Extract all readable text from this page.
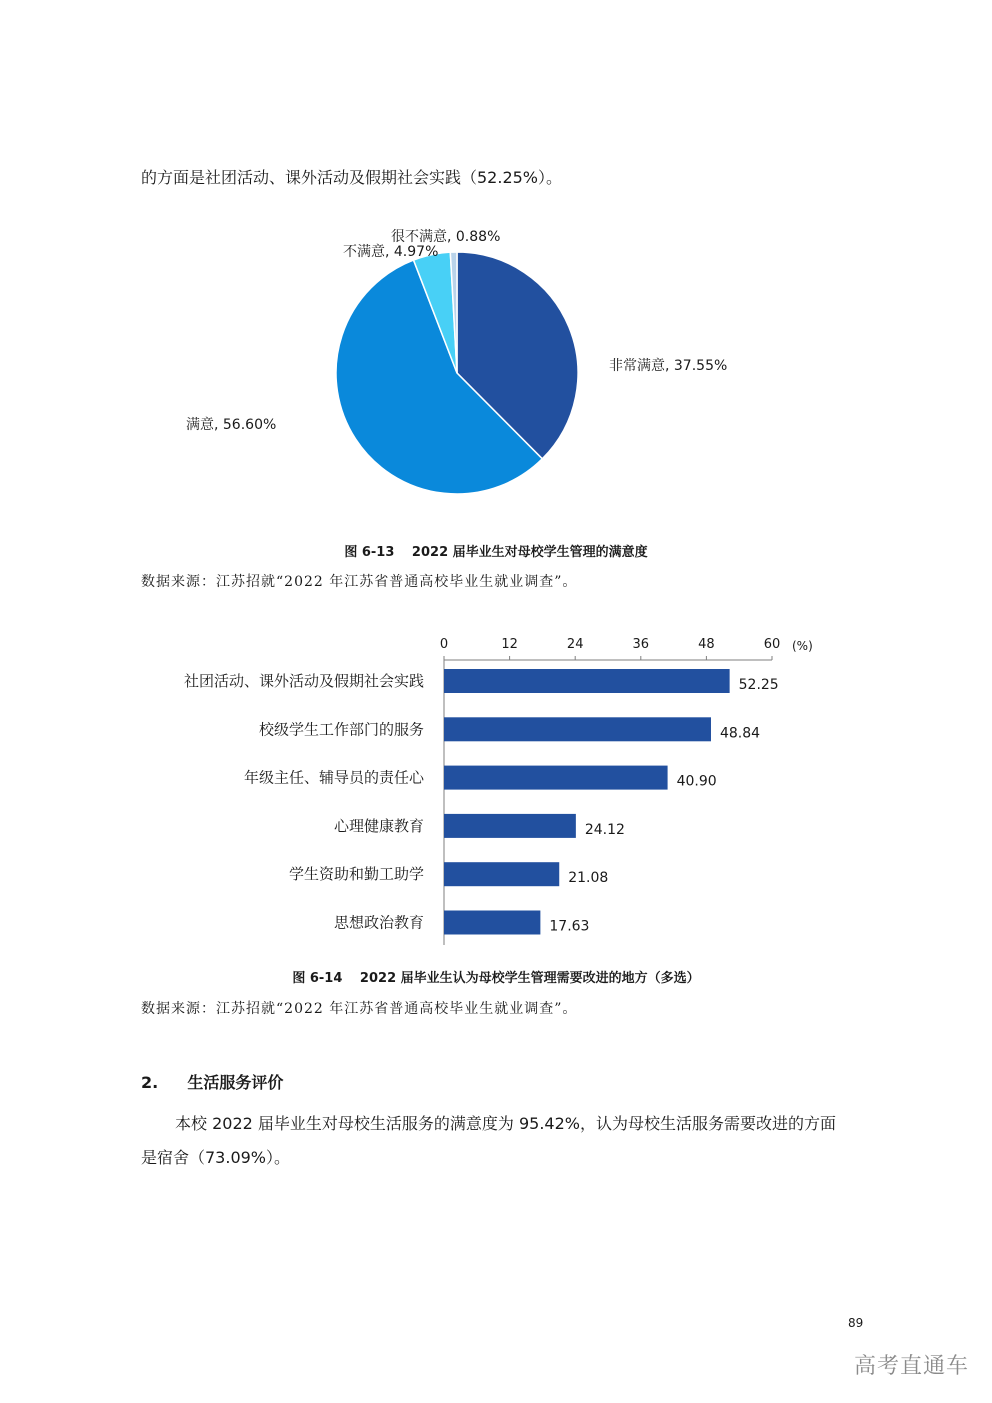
的方面是社团活动、课外活动及假期社会实践（52.25%）。
很不满意, 0.88%
不满意, 4.97%
非常满意, 37.55%
满意, 56.60%
图 6-13　 2022 届毕业生对母校学生管理的满意度
数据来源：江苏招就“2022 年江苏省普通高校毕业生就业调查”。
0	12	24	36	48	60 (%)
社团活动、课外活动及假期社会实践	52.25
校级学生工作部门的服务	48.84
年级主任、辅导员的责任心	40.90
心理健康教育	24.12
学生资助和勤工助学	21.08
思想政治教育	17.63
图 6-14　 2022 届毕业生认为母校学生管理需要改进的地方（多选）
数据来源：江苏招就“2022 年江苏省普通高校毕业生就业调查”。
2. 生活服务评价
本校 2022 届毕业生对母校生活服务的满意度为 95.42%，认为母校生活服务需要改进的方面
是宿舍（73.09%）。
89
高考直通车
